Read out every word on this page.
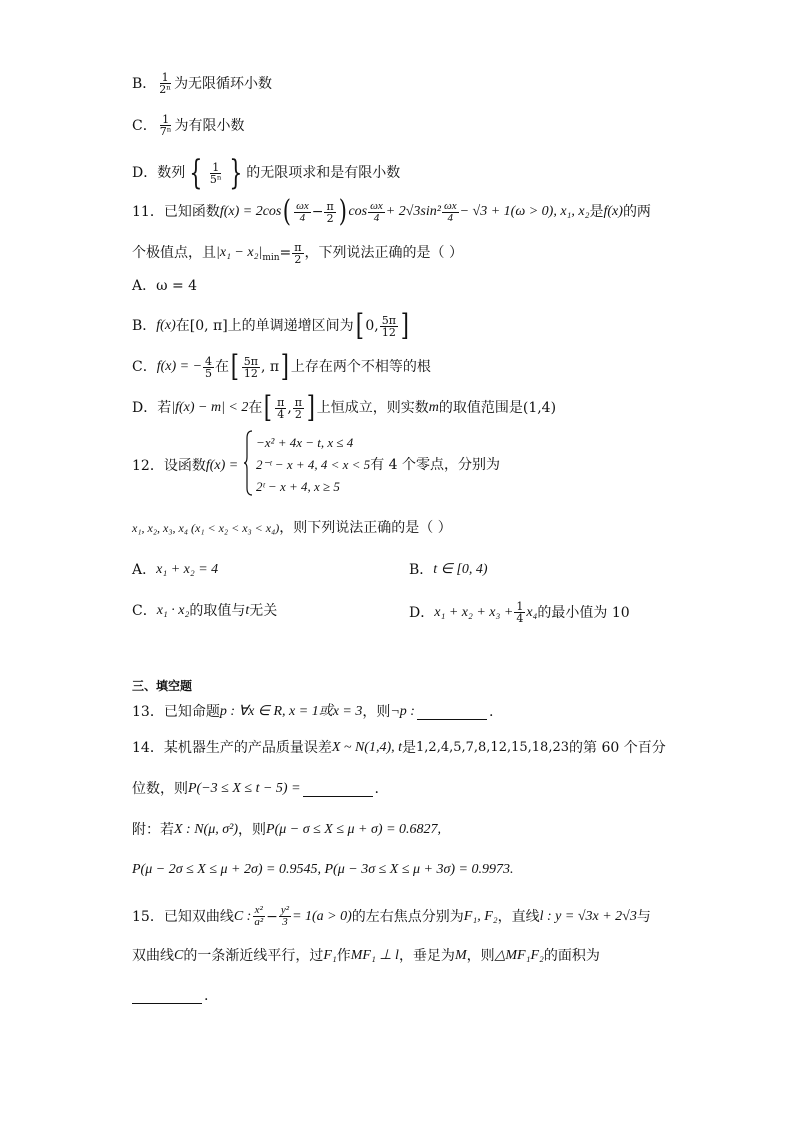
B． $\frac{1}{\text{2ⁿ}}$ 为无限循环小数
C． $\frac{1}{\text{7ⁿ}}$ 为有限小数
D． 数列 { $\frac{1}{\text{5ⁿ}}$ } 的无限项求和是有限小数
11．已知函数 f(x) = 2cos ( $\frac{\omega x}{4} - \frac{\pi}{2}$ ) $\cos \frac{\omega x}{4} + 2√3\sin^2 \frac{\omega x}{4} - √3 + 1(\omega > 0)$, x₁, x₂ 是 f(x) 的两
个极值点，且 |x₁ − x₂| $\min = \frac{\pi}{2}$ ，下列说法正确的是（ ）
A．ω = 4
B． f(x) 在[0, π]上的单调递增区间为 [ 0, $\frac{5\pi}{12}$ ]
C． f(x) = − $\frac{4}{5}$ 在 [ $\frac{5\pi}{12}$ , π ] 上存在两个不相等的根
D．若 |f(x) − m| < 2 在 [ $\frac{\pi}{4}$ , $\frac{\pi}{2}$ ] 上恒成立，则实数 m 的取值范围是(1,4)
12．设函数 f(x) =
−x² + 4x − t, x ≤ 4
2⁻ᵗ − x + 4, 4 < x < 5有 4 个零点，分别为
2ᵗ − x + 4, x ≥ 5
x₁, x₂, x₃, x₄ (x₁ < x₂ < x₃ < x₄) ，则下列说法正确的是（ ）
A． x₁ + x₂ = 4	B． t ∈ [0, 4)
C． x₁ · x₂ 的取值与 t 无关	D． $x_1 + x_2 + x_3 + \frac{1}{4} x_4$ 的最小值为 10
三、填空题
13．已知命题 p : ∀x ∈ R, x = 1或x = 3 ，则 ¬p :	.
14．某机器生产的产品质量误差 X ~ N(1,4), t 是 1,2,4,5,7,8,12,15,18,23 的第 60 个百分
位数，则 P(−3 ≤ X ≤ t − 5) =	.
附：若 X : N(μ, σ²) ，则 P(μ − σ ≤ X ≤ μ + σ) = 0.6827,
P(μ − 2σ ≤ X ≤ μ + 2σ) = 0.9545, P(μ − 3σ ≤ X ≤ μ + 3σ) = 0.9973.
15．已知双曲线 C : $\frac{\text{x²}}{\text{a²}} - \frac{\text{y²}}{3} = 1(a > 0)$ 的左右焦点分别为 F₁, F₂ ，直线 l : y = √3x + 2√3 与
双曲线 C 的一条渐近线平行，过 F₁ 作 MF₁ ⊥ l ，垂足为 M ，则 △MF₁F₂ 的面积为
.
